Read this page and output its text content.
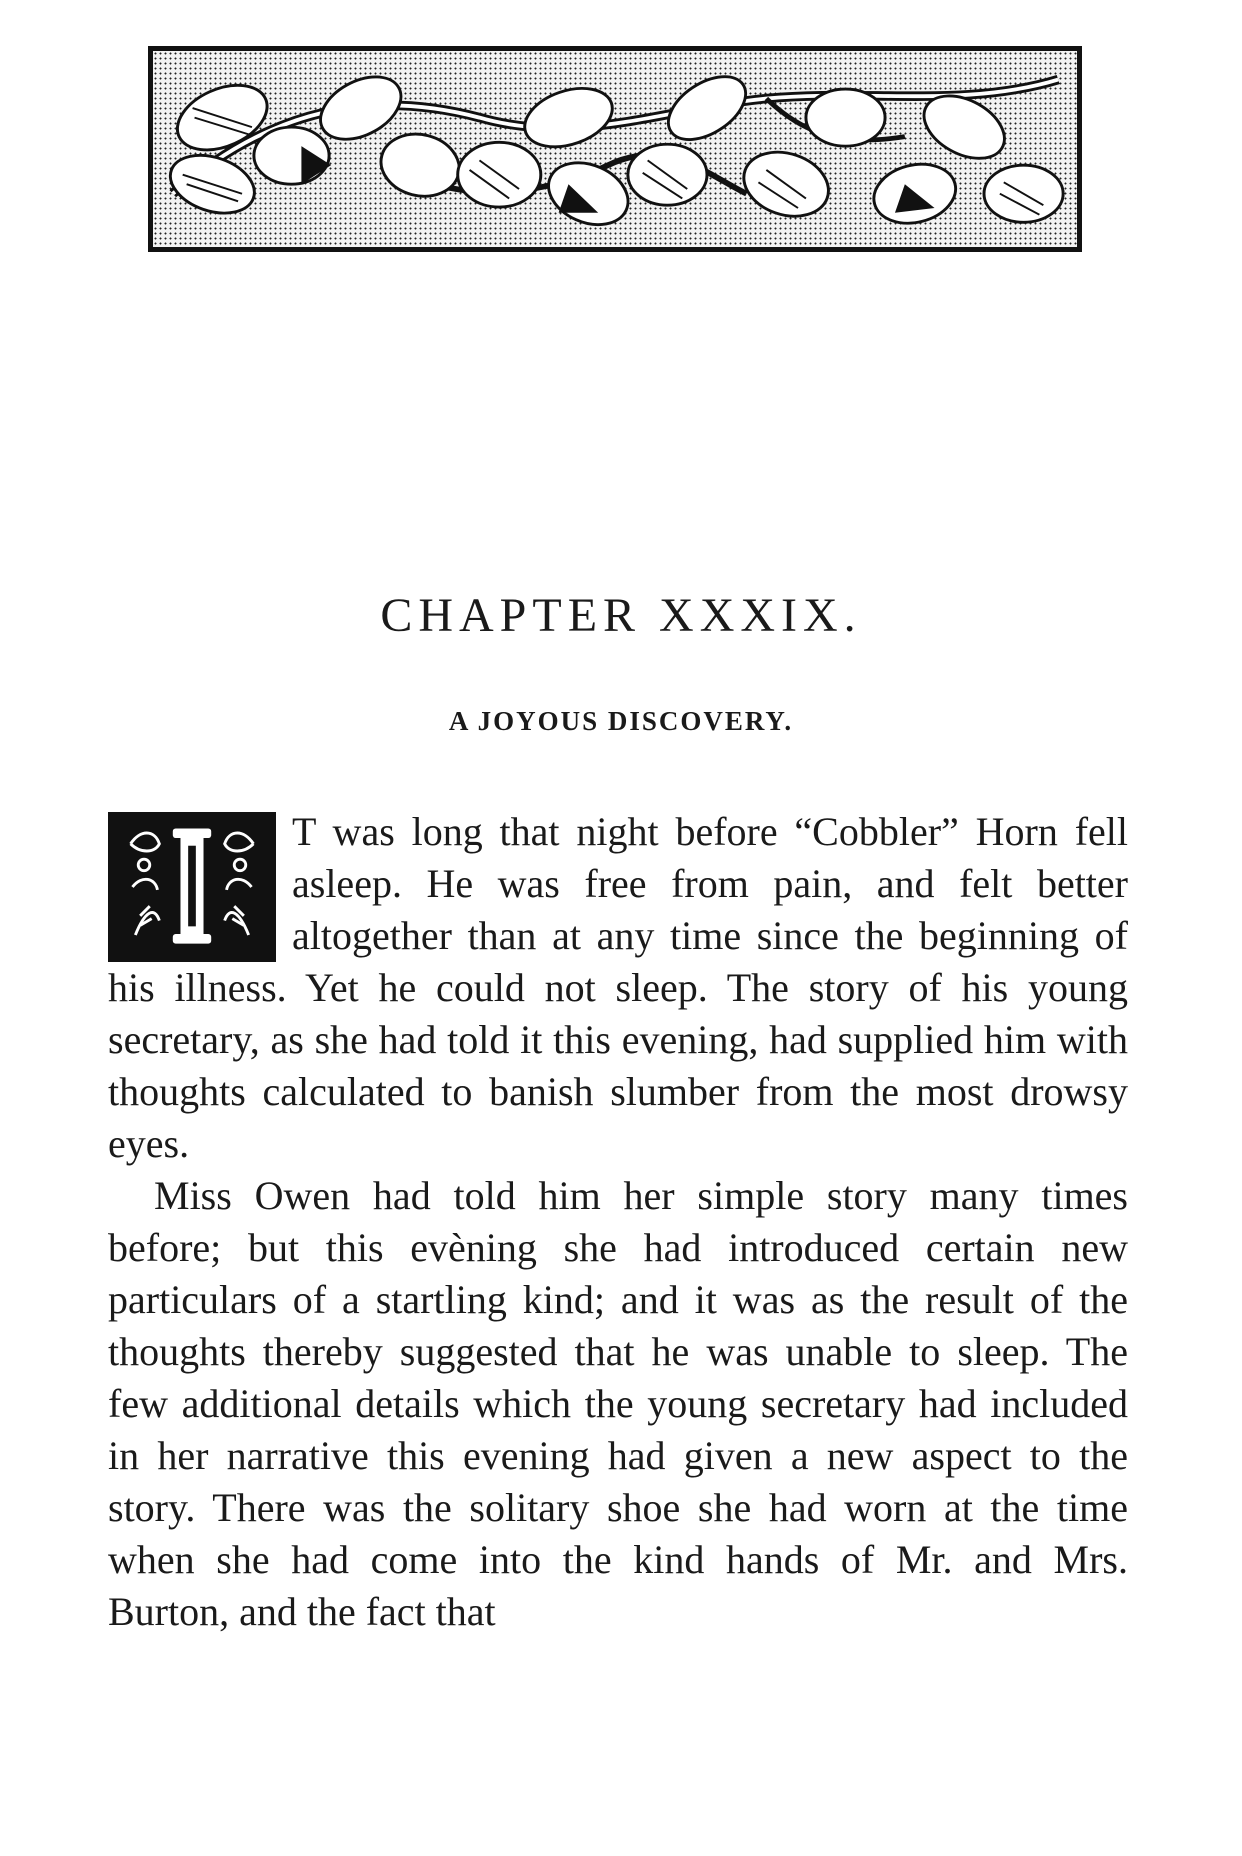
CHAPTER XXXIX.
A JOYOUS DISCOVERY.

T was long that night before “Cobbler” Horn fell asleep. He was free from pain, and felt better altogether than at any time since the beginning of his illness. Yet he could not sleep. The story of his young secretary, as she had told it this evening, had supplied him with thoughts calculated to banish slumber from the most drowsy eyes.

Miss Owen had told him her simple story many times before; but this evèning she had introduced certain new particulars of a startling kind; and it was as the result of the thoughts thereby suggested that he was unable to sleep. The few additional details which the young secretary had included in her narrative this evening had given a new aspect to the story. There was the solitary shoe she had worn at the time when she had come into the kind hands of Mr. and Mrs. Burton, and the fact that
